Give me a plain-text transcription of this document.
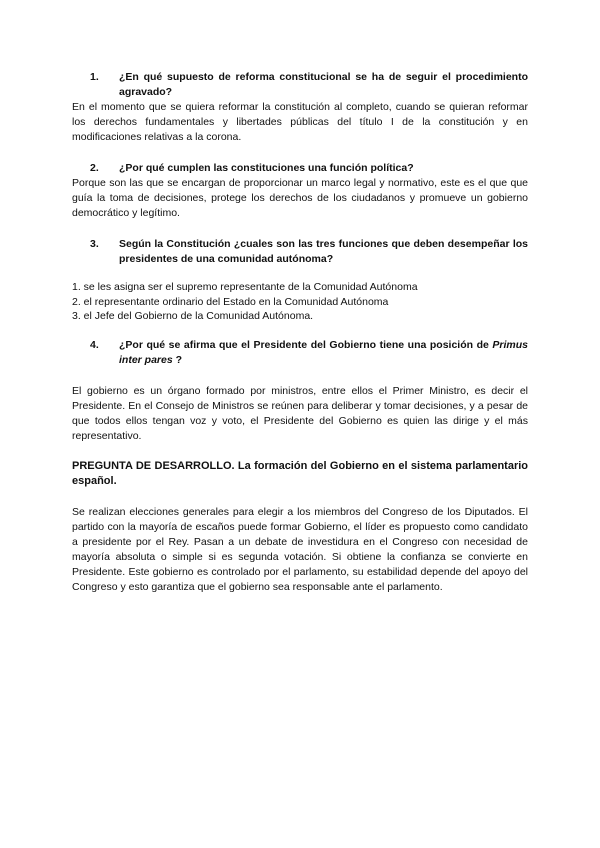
1. ¿En qué supuesto de reforma constitucional se ha de seguir el procedimiento agravado?
En el momento que se quiera reformar la constitución al completo, cuando se quieran reformar los derechos fundamentales y libertades públicas del título I de la constitución y en modificaciones relativas a la corona.
2. ¿Por qué cumplen las constituciones una función política?
Porque son las que se encargan de proporcionar un marco legal y normativo, este es el que que guía la toma de decisiones, protege los derechos de los ciudadanos y promueve un gobierno democrático y legítimo.
3. Según la Constitución ¿cuales son las tres funciones que deben desempeñar los presidentes de una comunidad autónoma?
1. se les asigna ser el supremo representante de la Comunidad Autónoma
2. el representante ordinario del Estado en la Comunidad Autónoma
3. el Jefe del Gobierno de la Comunidad Autónoma.
4. ¿Por qué se afirma que el Presidente del Gobierno tiene una posición de Primus inter pares ?
El gobierno es un órgano formado por ministros, entre ellos el Primer Ministro, es decir el Presidente. En el Consejo de Ministros se reúnen para deliberar y tomar decisiones, y a pesar de que todos ellos tengan voz y voto, el Presidente del Gobierno es quien las dirige y el más representativo.
PREGUNTA DE DESARROLLO. La formación del Gobierno en el sistema parlamentario español.
Se realizan elecciones generales para elegir a los miembros del Congreso de los Diputados. El partido con la mayoría de escaños puede formar Gobierno, el líder es propuesto como candidato a presidente por el Rey. Pasan a un debate de investidura en el Congreso con necesidad de mayoría absoluta o simple si es segunda votación. Si obtiene la confianza se convierte en Presidente. Este gobierno es controlado por el parlamento, su estabilidad depende del apoyo del Congreso y esto garantiza que el gobierno sea responsable ante el parlamento.
